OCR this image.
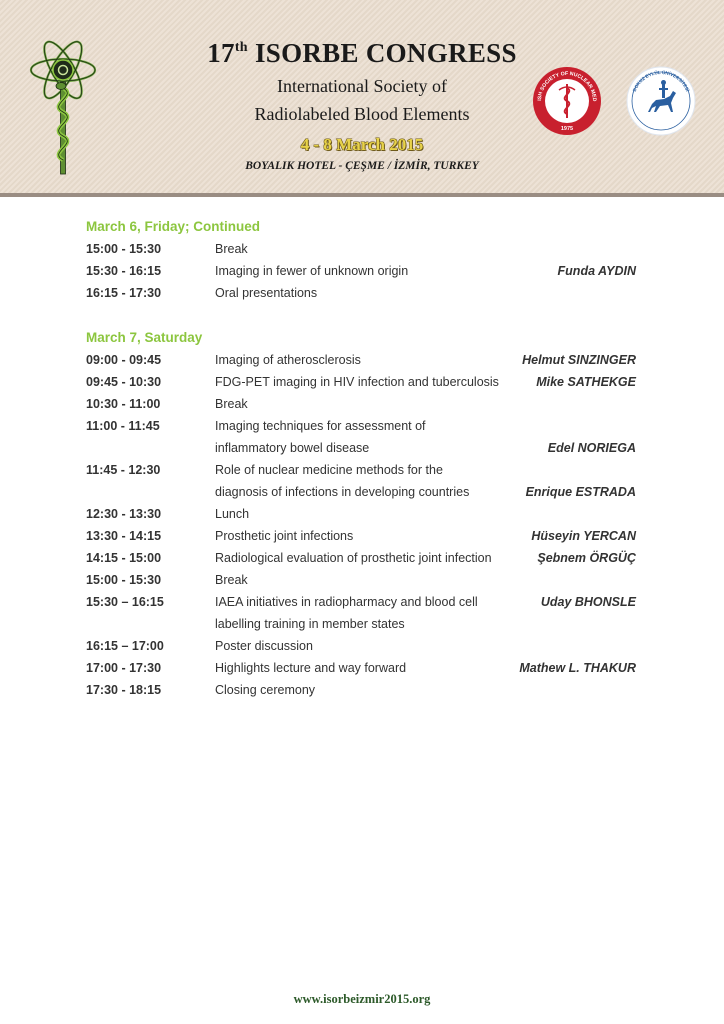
17th ISORBE CONGRESS
International Society of
Radiolabeled Blood Elements
4 - 8 March 2015
BOYALIK HOTEL - ÇEŞME / İZMİR, TURKEY
ISH SOCIETY OF NUCLEAR MED
1975
DOKUZ EYLÜL ÜNİVERSİTESİ
March 6, Friday; Continued
15:00 - 15:30	Break
15:30 - 16:15	Imaging in fewer of unknown origin	Funda AYDIN
16:15 - 17:30	Oral presentations
March 7, Saturday
09:00 - 09:45	Imaging of atherosclerosis	Helmut SINZINGER
09:45 - 10:30	FDG-PET imaging in HIV infection and tuberculosis	Mike SATHEKGE
10:30 - 11:00	Break
11:00 - 11:45	Imaging techniques for assessment of
inflammatory bowel disease	Edel NORIEGA
11:45 - 12:30	Role of nuclear medicine methods for the
diagnosis of infections in developing countries	Enrique ESTRADA
12:30 - 13:30	Lunch
13:30 - 14:15	Prosthetic joint infections	Hüseyin YERCAN
14:15 - 15:00	Radiological evaluation of prosthetic joint infection	Şebnem ÖRGÜÇ
15:00 - 15:30	Break
15:30 – 16:15	IAEA initiatives in radiopharmacy and blood cell	Uday BHONSLE
labelling training in member states
16:15 – 17:00	Poster discussion
17:00 - 17:30	Highlights lecture and way forward	Mathew L. THAKUR
17:30 - 18:15	Closing ceremony
www.isorbeizmir2015.org
